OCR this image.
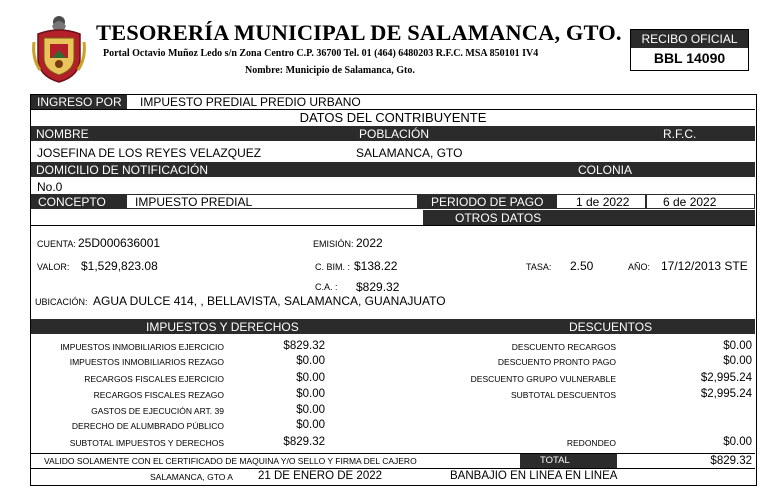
TESORERÍA MUNICIPAL DE SALAMANCA, GTO.
Portal Octavio Muñoz Ledo s/n Zona Centro C.P. 36700 Tel. 01 (464) 6480203 R.F.C. MSA 850101 IV4
Nombre: Municipio de Salamanca, Gto.
RECIBO OFICIAL
BBL 14090
INGRESO POR IMPUESTO PREDIAL PREDIO URBANO
DATOS DEL CONTRIBUYENTE
NOMBRE	POBLACIÓN	R.F.C.
JOSEFINA DE LOS REYES VELAZQUEZ	SALAMANCA, GTO
DOMICILIO DE NOTIFICACIÓN	COLONIA
No.0
CONCEPTO IMPUESTO PREDIAL	PERIODO DE PAGO	1 de 2022	6 de 2022
OTROS DATOS
CUENTA: 25D000636001	EMISIÓN: 2022
VALOR: $1,529,823.08	C. BIM. : $138.22	TASA: 2.50	AÑO: 17/12/2013 STE
C.A. : $829.32
UBICACIÓN: AGUA DULCE 414, , BELLAVISTA, SALAMANCA, GUANAJUATO
IMPUESTOS Y DERECHOS	DESCUENTOS
IMPUESTOS INMOBILIARIOS EJERCICIO	$829.32
IMPUESTOS INMOBILIARIOS REZAGO	$0.00
RECARGOS FISCALES EJERCICIO	$0.00
RECARGOS FISCALES REZAGO	$0.00
GASTOS DE EJECUCIÓN ART. 39	$0.00
DERECHO DE ALUMBRADO PÚBLICO	$0.00
SUBTOTAL IMPUESTOS Y DERECHOS	$829.32
DESCUENTO RECARGOS	$0.00
DESCUENTO PRONTO PAGO	$0.00
DESCUENTO GRUPO VULNERABLE	$2,995.24
SUBTOTAL DESCUENTOS	$2,995.24
REDONDEO	$0.00
VALIDO SOLAMENTE CON EL CERTIFICADO DE MAQUINA Y/O SELLO Y FIRMA DEL CAJERO	TOTAL	$829.32
SALAMANCA, GTO A 21 DE ENERO DE 2022	BANBAJIO EN LINEA EN LINEA
